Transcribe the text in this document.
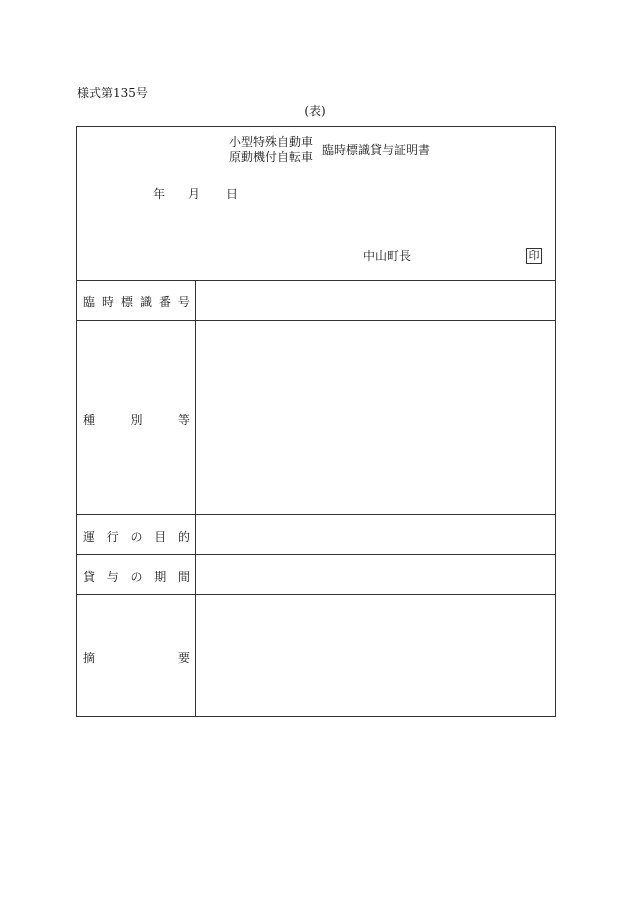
様式第135号
(表)
小型特殊自動車
原動機付自転車 臨時標識貸与証明書
年 月 日
中山町長	印
臨 時 標 識 番 号
種	別	等
運 行 の 目 的
貸 与 の 期 間
摘	要
